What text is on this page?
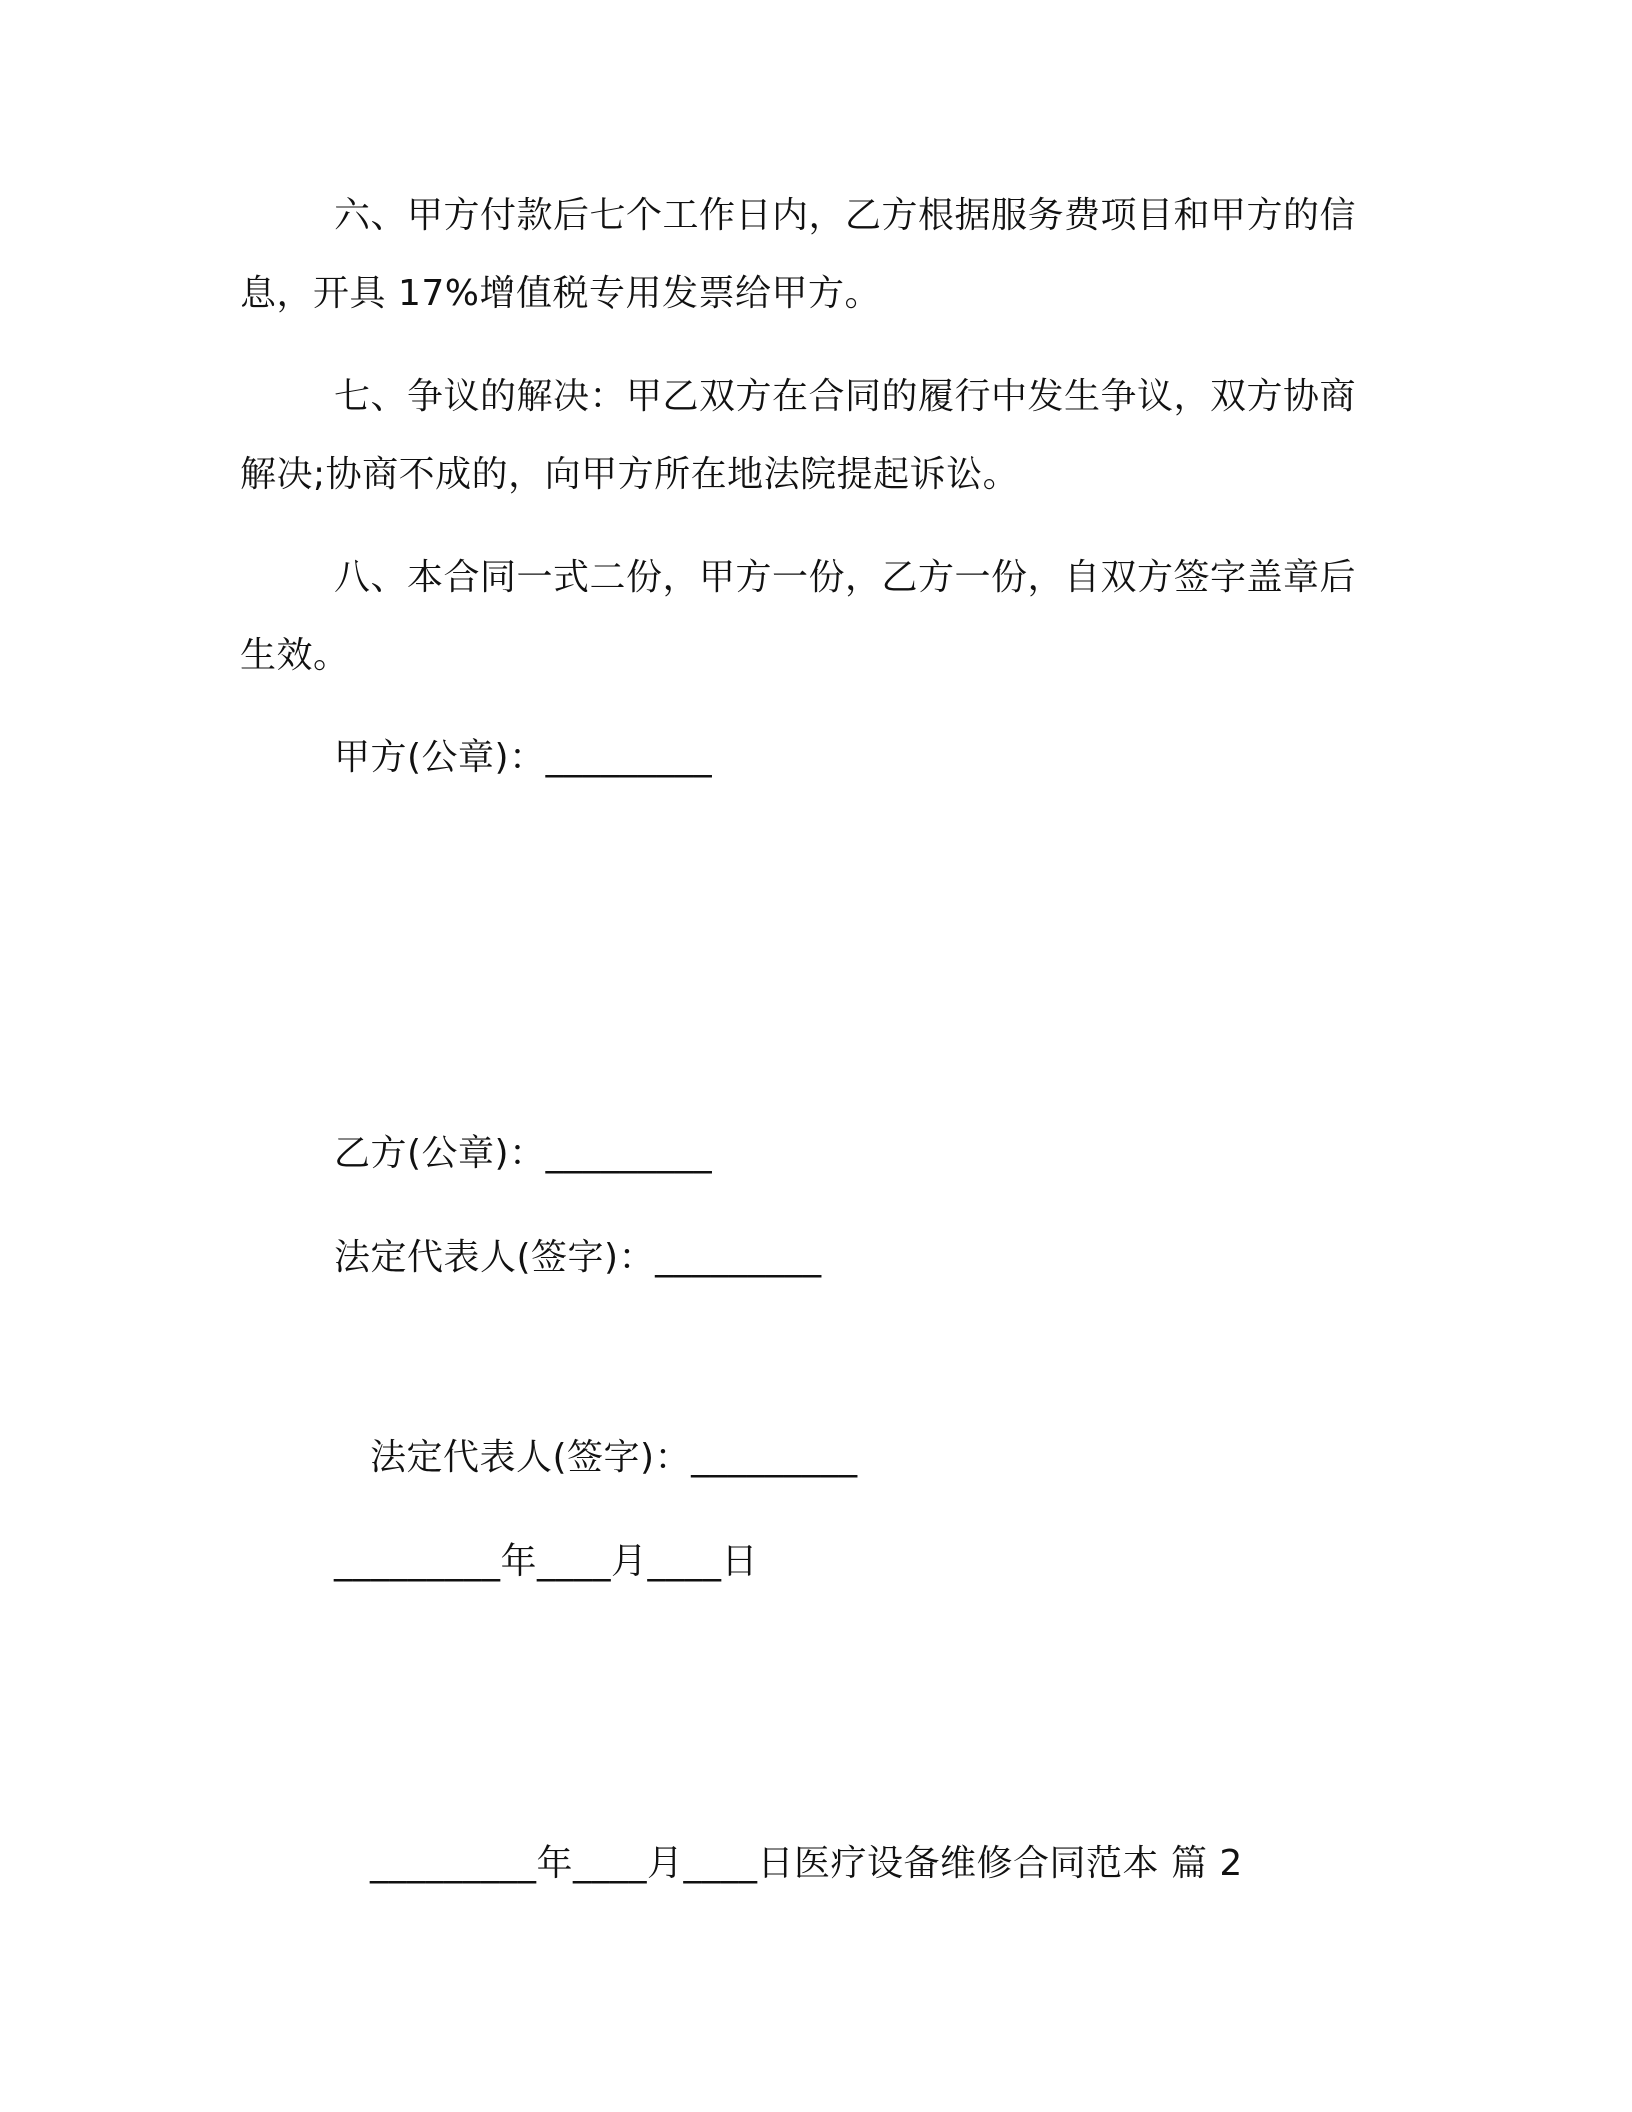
六、甲方付款后七个工作日内，乙方根据服务费项目和甲方的信
息，开具 17%增值税专用发票给甲方。
七、争议的解决：甲乙双方在合同的履行中发生争议，双方协商
解决;协商不成的，向甲方所在地法院提起诉讼。
八、本合同一式二份，甲方一份，乙方一份，自双方签字盖章后
生效。
甲方(公章)：_________
乙方(公章)：_________
法定代表人(签字)：_________
法定代表人(签字)：_________
_________年____月____日
_________年____月____日医疗设备维修合同范本 篇 2
